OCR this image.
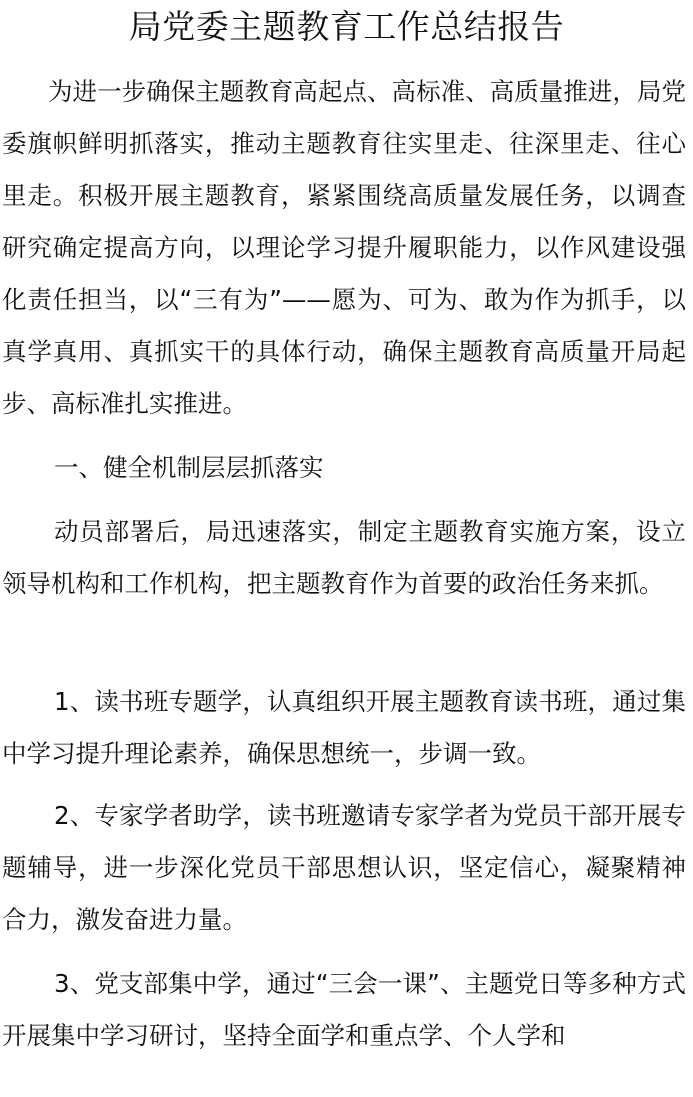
局党委主题教育工作总结报告

为进一步确保主题教育高起点、高标准、高质量推进，局党委旗帜鲜明抓落实，推动主题教育往实里走、往深里走、往心里走。积极开展主题教育，紧紧围绕高质量发展任务，以调查研究确定提高方向，以理论学习提升履职能力，以作风建设强化责任担当，以“三有为”——愿为、可为、敢为作为抓手，以真学真用、真抓实干的具体行动，确保主题教育高质量开局起步、高标准扎实推进。

一、健全机制层层抓落实

动员部署后，局迅速落实，制定主题教育实施方案，设立领导机构和工作机构，把主题教育作为首要的政治任务来抓。

1、读书班专题学，认真组织开展主题教育读书班，通过集中学习提升理论素养，确保思想统一，步调一致。

2、专家学者助学，读书班邀请专家学者为党员干部开展专题辅导，进一步深化党员干部思想认识，坚定信心，凝聚精神合力，激发奋进力量。

3、党支部集中学，通过“三会一课”、主题党日等多种方式开展集中学习研讨，坚持全面学和重点学、个人学和
